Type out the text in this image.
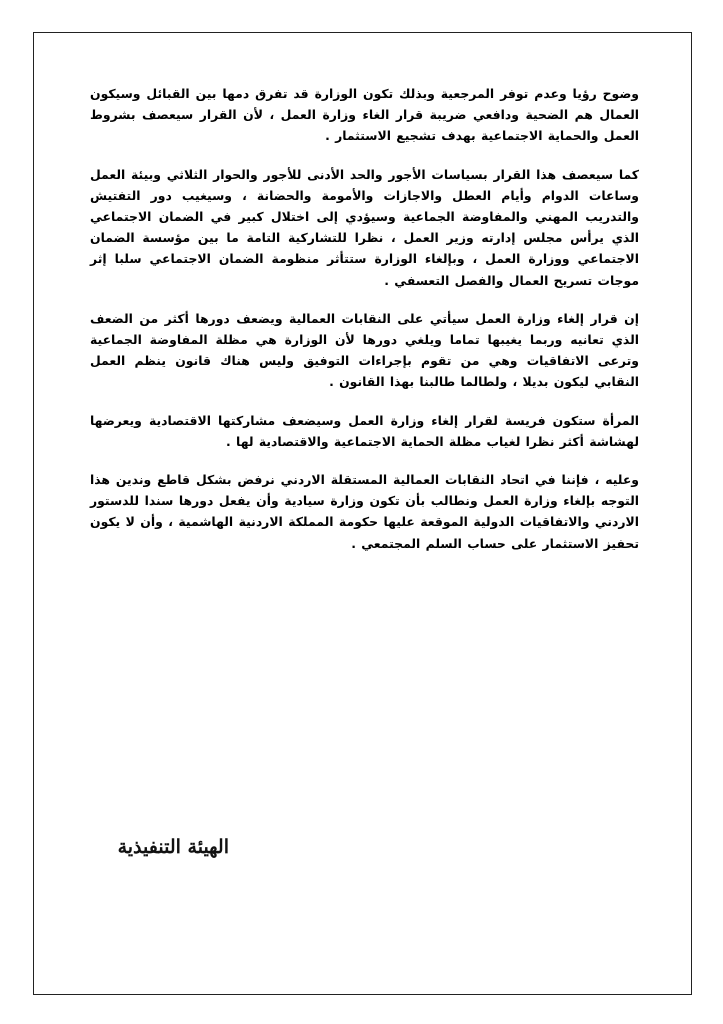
وضوح رؤيا وعدم توفر المرجعية وبذلك تكون الوزارة قد تفرق دمها بين القبائل وسيكون العمال هم الضحية ودافعي ضريبة قرار الغاء وزارة العمل ، لأن القرار سيعصف بشروط العمل والحماية الاجتماعية بهدف تشجيع الاستثمار .

كما سيعصف هذا القرار بسياسات الأجور والحد الأدنى للأجور والحوار الثلاثي وبيئة العمل وساعات الدوام وأيام العطل والاجازات والأمومة والحضانة ، وسيغيب دور التفتيش والتدريب المهني والمفاوضة الجماعية وسيؤدي إلى اختلال كبير في الضمان الاجتماعي الذي يرأس مجلس إدارته وزير العمل ، نظرا للتشاركية التامة ما بين مؤسسة الضمان الاجتماعي ووزارة العمل ، وبإلغاء الوزارة ستتأثر منظومة الضمان الاجتماعي سلبا إثر موجات تسريح العمال والفصل التعسفي .

إن قرار إلغاء وزارة العمل سيأتي على النقابات العمالية ويضعف دورها أكثر من الضعف الذي تعانيه وربما يغيبها تماما ويلغي دورها لأن الوزارة هي مظلة المفاوضة الجماعية وترعى الاتفاقيات وهي من تقوم بإجراءات التوفيق وليس هناك قانون ينظم العمل النقابي ليكون بديلا ، ولطالما طالبنا بهذا القانون .

المرأة ستكون فريسة لقرار إلغاء وزارة العمل وسيضعف مشاركتها الاقتصادية ويعرضها لهشاشة أكثر نظرا لغياب مظلة الحماية الاجتماعية والاقتصادية لها .

وعليه ، فإننا في اتحاد النقابات العمالية المستقلة الاردني نرفض بشكل قاطع وندين هذا التوجه بإلغاء وزارة العمل ونطالب بأن تكون وزارة سيادية وأن يفعل دورها سندا للدستور الاردني والاتفاقيات الدولية الموقعة عليها حكومة المملكة الاردنية الهاشمية ، وأن لا يكون تحفيز الاستثمار على حساب السلم المجتمعي .

الهيئة التنفيذية
